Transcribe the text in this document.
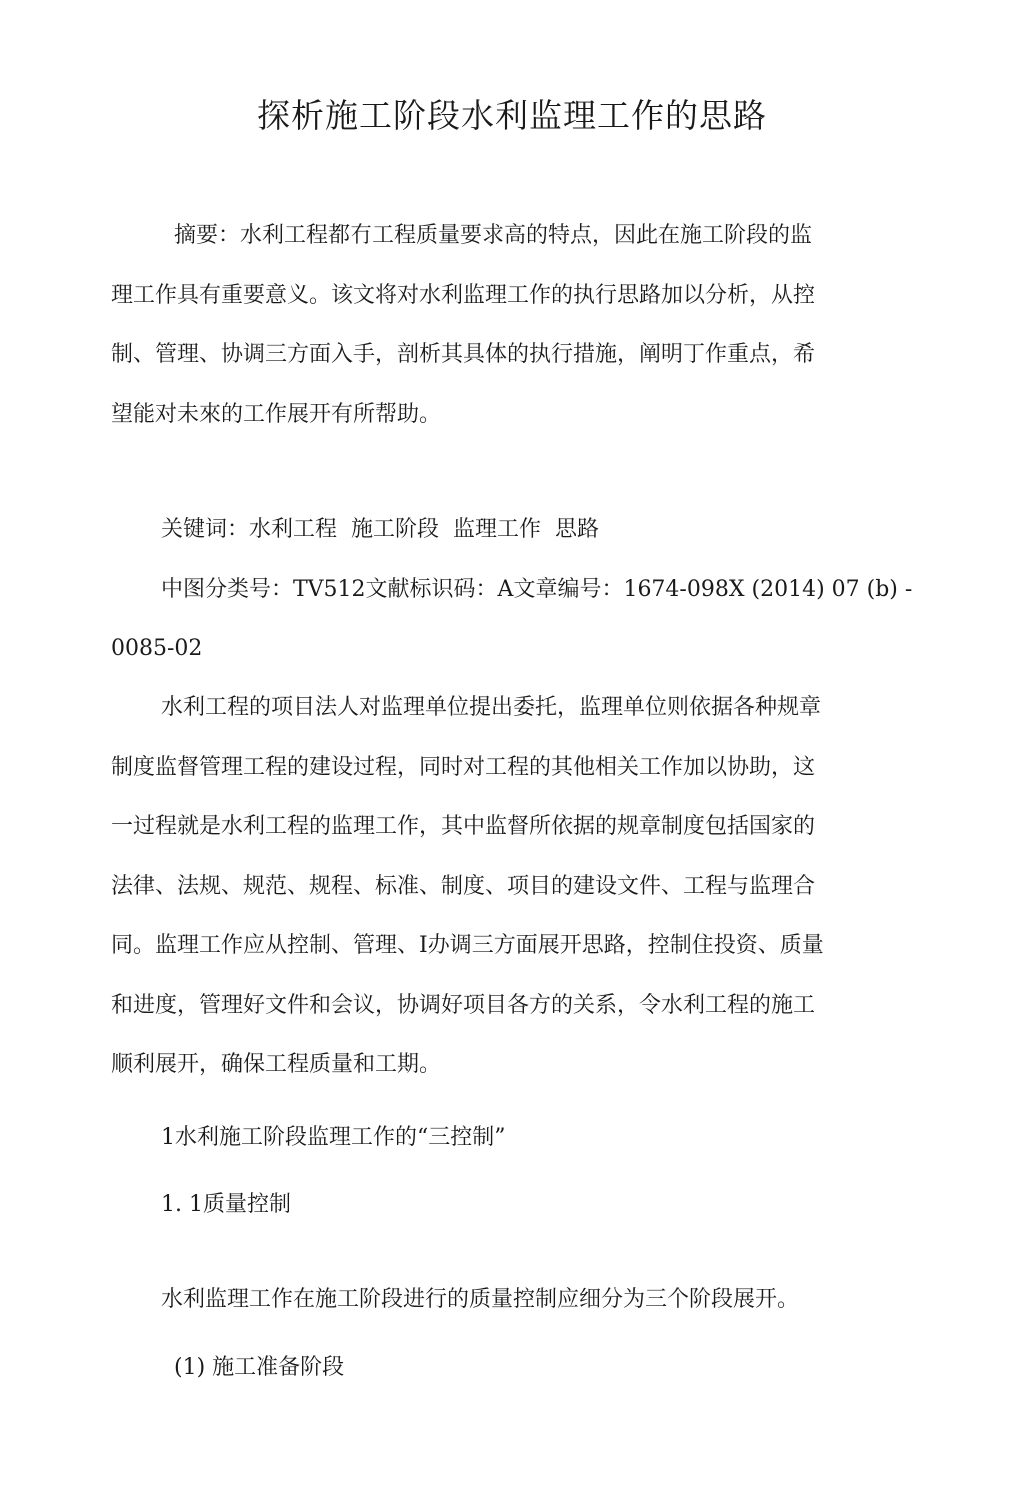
探析施工阶段水利监理工作的思路
摘要：水利工程都冇工程质量要求高的特点，因此在施工阶段的监
理工作具有重要意义。该文将对水利监理工作的执行思路加以分析，从控
制、管理、协调三方面入手，剖析其具体的执行措施，阐明丁作重点，希
望能对未來的工作展开有所帮助。
关键词：水利工程  施工阶段  监理工作  思路
中图分类号：TV512文献标识码：A文章编号：1674-098X (2014) 07 (b) -
0085-02
水利工程的项目法人对监理单位提出委托，监理单位则依据各种规章
制度监督管理工程的建设过程，同时对工程的其他相关工作加以协助，这
一过程就是水利工程的监理工作，其中监督所依据的规章制度包括国家的
法律、法规、规范、规程、标准、制度、项目的建设文件、工程与监理合
同。监理工作应从控制、管理、I办调三方面展开思路，控制住投资、质量
和进度，管理好文件和会议，协调好项目各方的关系，令水利工程的施工
顺利展开，确保工程质量和工期。

1水利施工阶段监理工作的“三控制”

1. 1质量控制

水利监理工作在施工阶段进行的质量控制应细分为三个阶段展开。

(1) 施工准备阶段
